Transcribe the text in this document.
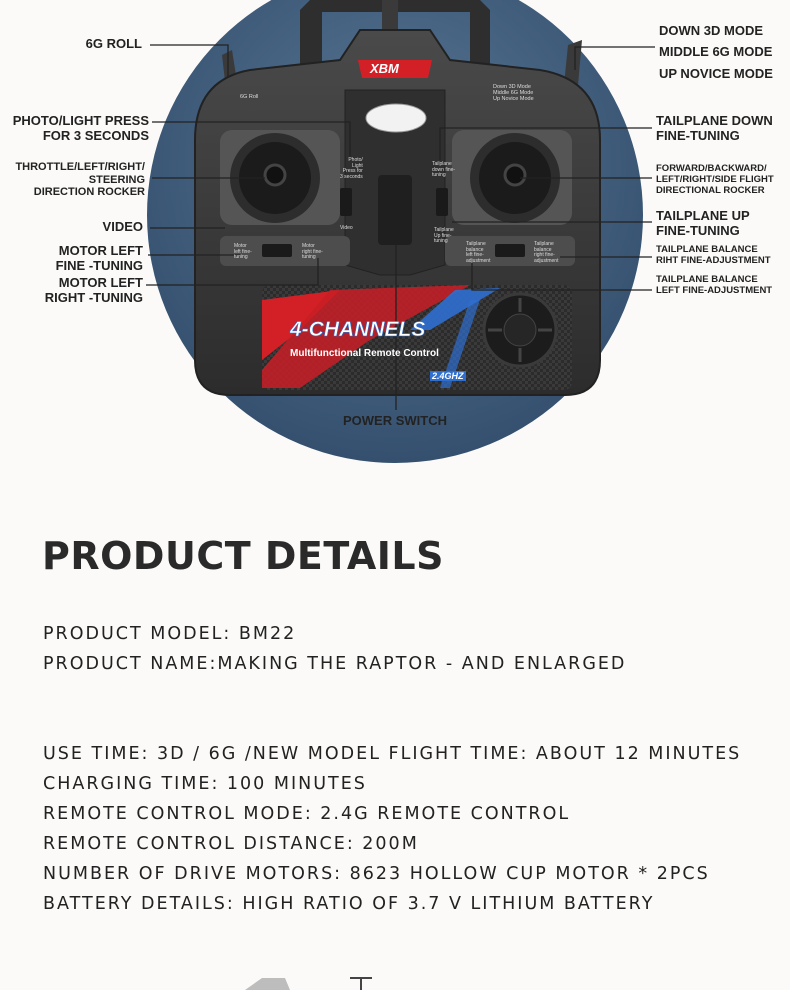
XBM
Down 3D Mode
Middle 6G Mode
Up Novice Mode
6G Roll
Photo/
Light
Press for
3 seconds
Video
Tailplane
down fine-
tuning
Tailplane
Up fine-
tuning
Motor
left fine-
tuning
Motor
right fine-
tuning
Tailplane
balance
left fine-
adjustment
Tailplane
balance
right fine-
adjustment
4-CHANNELS
Multifunctional Remote Control
2.4GHZ
6G ROLL
PHOTO/LIGHT PRESS
FOR 3 SECONDS
THROTTLE/LEFT/RIGHT/
STEERING
DIRECTION ROCKER
VIDEO
MOTOR LEFT
FINE -TUNING
MOTOR LEFT
RIGHT -TUNING
DOWN 3D MODE
MIDDLE 6G MODE
UP NOVICE MODE
TAILPLANE DOWN
FINE-TUNING
FORWARD/BACKWARD/
LEFT/RIGHT/SIDE FLIGHT
DIRECTIONAL ROCKER
TAILPLANE UP
FINE-TUNING
TAILPLANE BALANCE
RIHT FINE-ADJUSTMENT
TAILPLANE BALANCE
LEFT FINE-ADJUSTMENT
POWER SWITCH
PRODUCT DETAILS

PRODUCT MODEL: BM22

PRODUCT NAME:MAKING THE RAPTOR - AND ENLARGED

USE TIME: 3D / 6G /NEW MODEL FLIGHT TIME: ABOUT 12 MINUTES

CHARGING TIME: 100 MINUTES

REMOTE CONTROL MODE: 2.4G REMOTE CONTROL

REMOTE CONTROL DISTANCE: 200M

NUMBER OF DRIVE MOTORS: 8623 HOLLOW CUP MOTOR * 2PCS

BATTERY DETAILS: HIGH RATIO OF 3.7 V LITHIUM BATTERY
